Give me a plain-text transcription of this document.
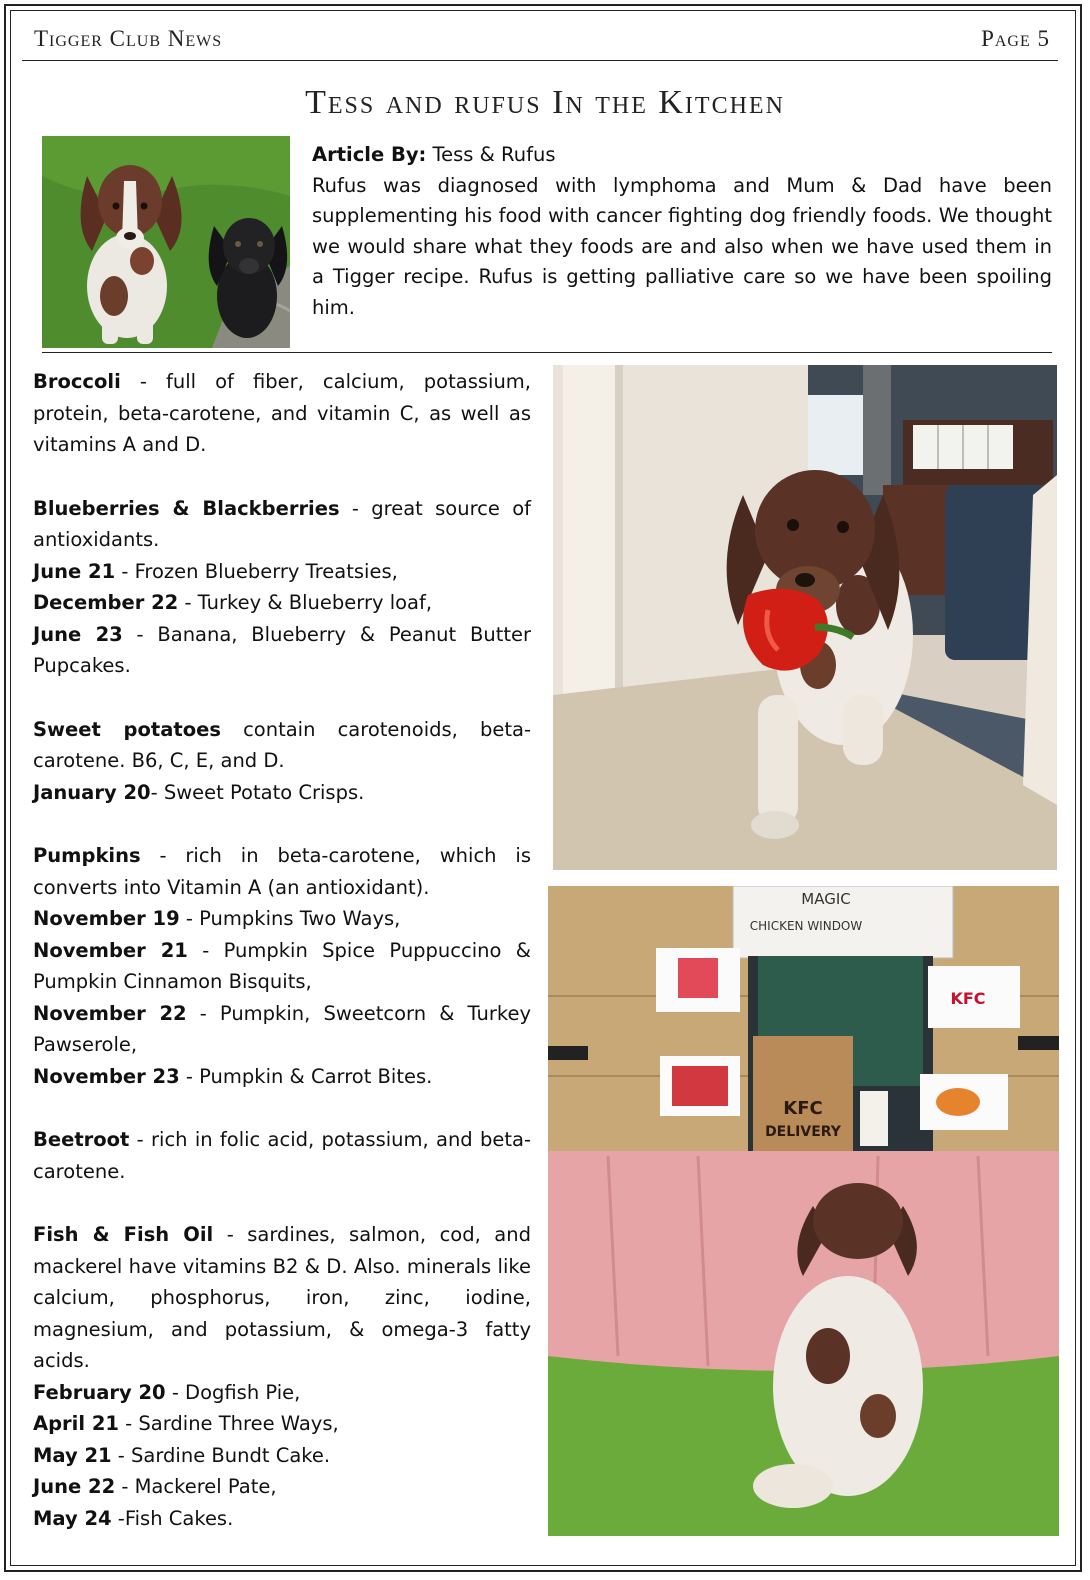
Tigger Club News	Page 5
Tess and rufus In the Kitchen

Article By: Tess & Rufus

Rufus was diagnosed with lymphoma and Mum & Dad have been supplementing his food with cancer fighting dog friendly foods. We thought we would share what they foods are and also when we have used them in a Tigger recipe. Rufus is getting palliative care so we have been spoiling him.

Broccoli - full of fiber, calcium, potassium, protein, beta-carotene, and vitamin C, as well as vitamins A and D.

Blueberries & Blackberries - great source of antioxidants.

June 21 - Frozen Blueberry Treatsies,

December 22 - Turkey & Blueberry loaf,

June 23 - Banana, Blueberry & Peanut Butter Pupcakes.

Sweet potatoes contain carotenoids, beta-carotene. B6, C, E, and D.

January 20- Sweet Potato Crisps.

Pumpkins - rich in beta-carotene, which is converts into Vitamin A (an antioxidant).

November 19 - Pumpkins Two Ways,

November 21 - Pumpkin Spice Puppuccino & Pumpkin Cinnamon Bisquits,

November 22 - Pumpkin, Sweetcorn & Turkey Pawserole,

November 23 - Pumpkin & Carrot Bites.

Beetroot - rich in folic acid, potassium, and beta-carotene.

Fish & Fish Oil - sardines, salmon, cod, and mackerel have vitamins B2 & D. Also. minerals like calcium, phosphorus, iron, zinc, iodine, magnesium, and potassium, & omega-3 fatty acids.

February 20 - Dogfish Pie,

April 21 - Sardine Three Ways,

May 21 - Sardine Bundt Cake.

June 22 - Mackerel Pate,

May 24 -Fish Cakes.

MAGIC
CHICKEN WINDOW
KFC
DELIVERY
KFC
